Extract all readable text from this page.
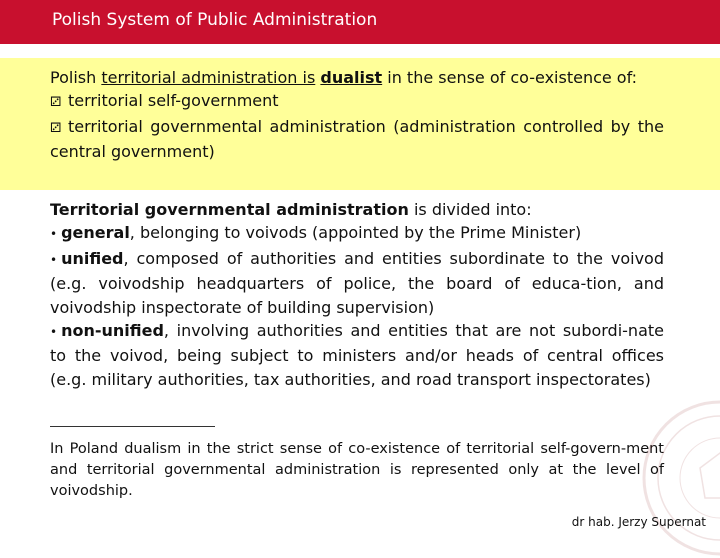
Polish System of Public Administration
Polish territorial administration is dualist in the sense of co-existence of:
⚂ territorial self-government
⚂ territorial governmental administration (administration controlled by the central government)
Territorial governmental administration is divided into:
• general, belonging to voivods (appointed by the Prime Minister)
• unified, composed of authorities and entities subordinate to the voivod (e.g. voivodship headquarters of police, the board of educa-tion, and voivodship inspectorate of building supervision)
• non-unified, involving authorities and entities that are not subordi-nate to the voivod, being subject to ministers and/or heads of central offices (e.g. military authorities, tax authorities, and road transport inspectorates)
In Poland dualism in the strict sense of co-existence of territorial self-govern-ment and territorial governmental administration is represented only at the level of voivodship.
dr hab. Jerzy Supernat
